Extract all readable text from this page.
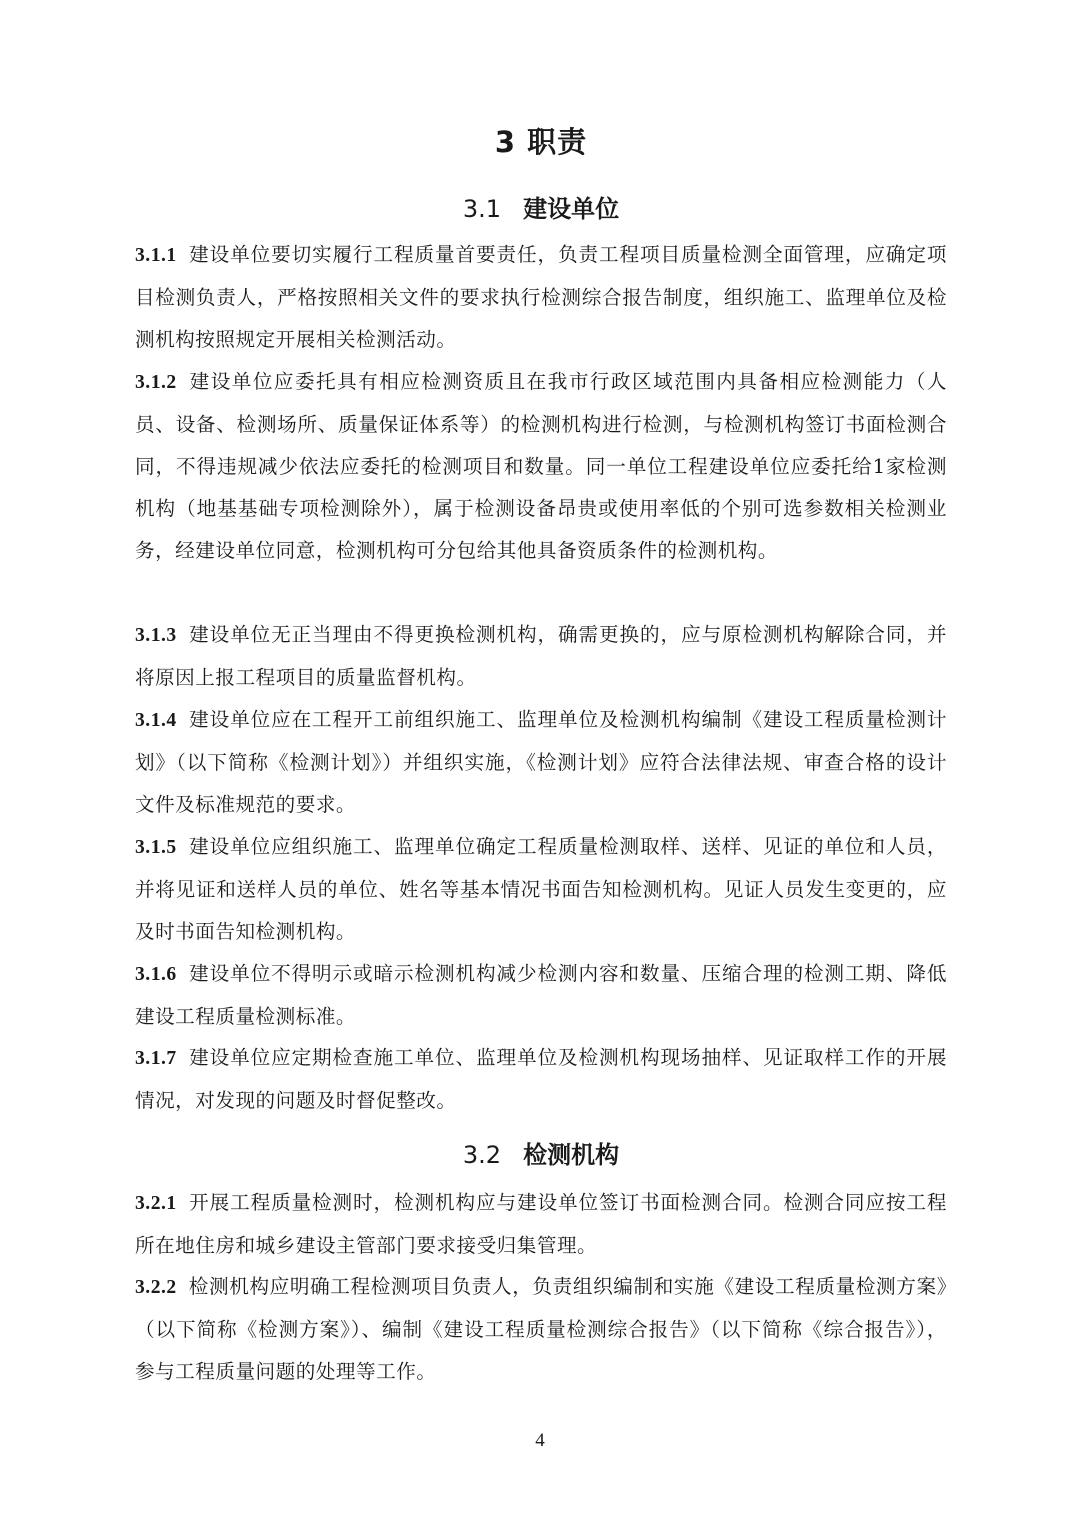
3 职责
3.1 建设单位

3.1.1 建设单位要切实履行工程质量首要责任，负责工程项目质量检测全面管理，应确定项目检测负责人，严格按照相关文件的要求执行检测综合报告制度，组织施工、监理单位及检测机构按照规定开展相关检测活动。

3.1.2 建设单位应委托具有相应检测资质且在我市行政区域范围内具备相应检测能力（人员、设备、检测场所、质量保证体系等）的检测机构进行检测，与检测机构签订书面检测合同，不得违规减少依法应委托的检测项目和数量。同一单位工程建设单位应委托给1家检测机构（地基基础专项检测除外），属于检测设备昂贵或使用率低的个别可选参数相关检测业务，经建设单位同意，检测机构可分包给其他具备资质条件的检测机构。

3.1.3 建设单位无正当理由不得更换检测机构，确需更换的，应与原检测机构解除合同，并将原因上报工程项目的质量监督机构。

3.1.4 建设单位应在工程开工前组织施工、监理单位及检测机构编制《建设工程质量检测计划》（以下简称《检测计划》）并组织实施，《检测计划》应符合法律法规、审查合格的设计文件及标准规范的要求。

3.1.5 建设单位应组织施工、监理单位确定工程质量检测取样、送样、见证的单位和人员，并将见证和送样人员的单位、姓名等基本情况书面告知检测机构。见证人员发生变更的，应及时书面告知检测机构。

3.1.6 建设单位不得明示或暗示检测机构减少检测内容和数量、压缩合理的检测工期、降低建设工程质量检测标准。

3.1.7 建设单位应定期检查施工单位、监理单位及检测机构现场抽样、见证取样工作的开展情况，对发现的问题及时督促整改。

3.2 检测机构

3.2.1 开展工程质量检测时，检测机构应与建设单位签订书面检测合同。检测合同应按工程所在地住房和城乡建设主管部门要求接受归集管理。

3.2.2 检测机构应明确工程检测项目负责人，负责组织编制和实施《建设工程质量检测方案》（以下简称《检测方案》）、编制《建设工程质量检测综合报告》（以下简称《综合报告》），参与工程质量问题的处理等工作。

4
